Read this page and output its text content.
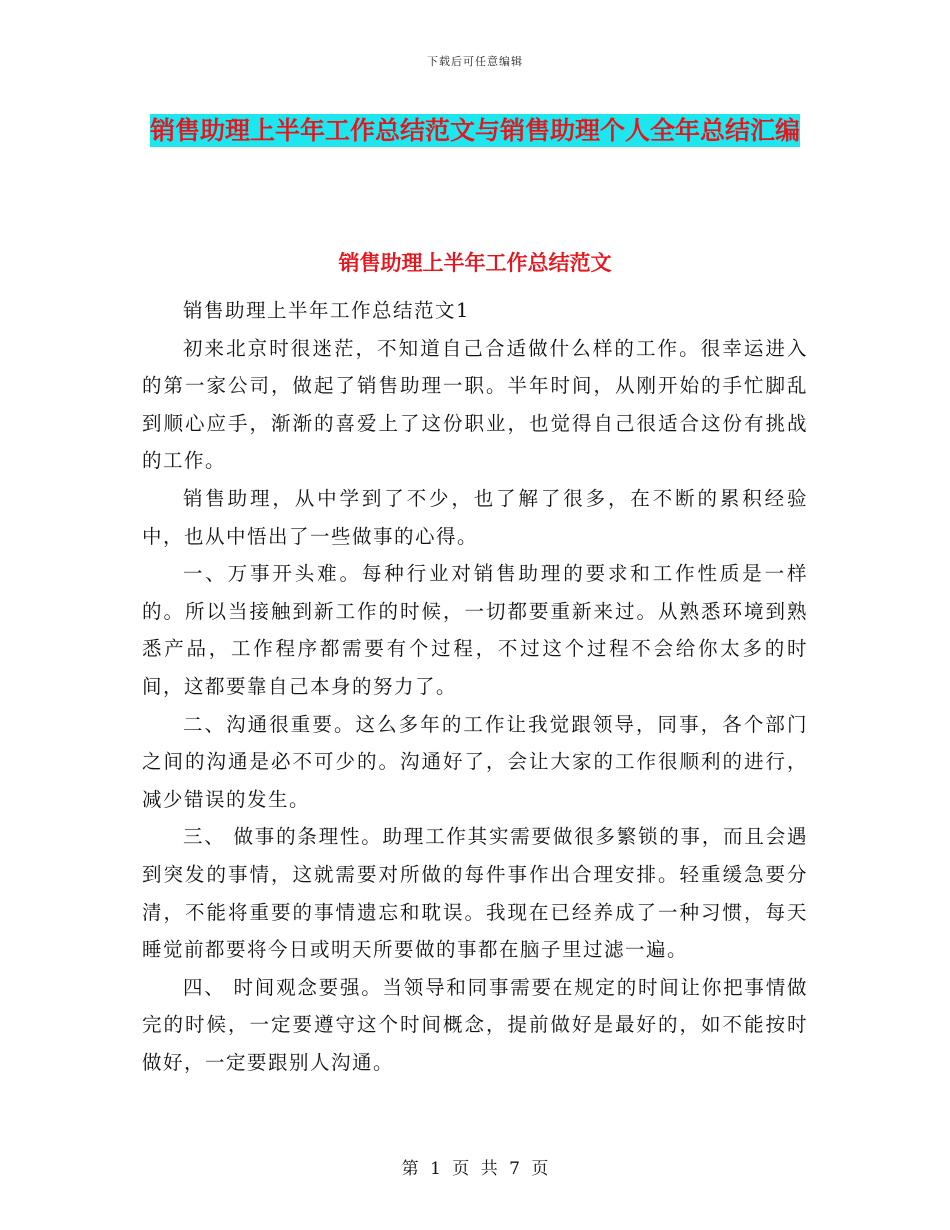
下载后可任意编辑
销售助理上半年工作总结范文与销售助理个人全年总结汇编
销售助理上半年工作总结范文

销售助理上半年工作总结范文1

初来北京时很迷茫，不知道自己合适做什么样的工作。很幸运进入的第一家公司，做起了销售助理一职。半年时间，从刚开始的手忙脚乱到顺心应手，渐渐的喜爱上了这份职业，也觉得自己很适合这份有挑战的工作。

销售助理，从中学到了不少，也了解了很多，在不断的累积经验中，也从中悟出了一些做事的心得。

一、万事开头难。每种行业对销售助理的要求和工作性质是一样的。所以当接触到新工作的时候，一切都要重新来过。从熟悉环境到熟悉产品，工作程序都需要有个过程，不过这个过程不会给你太多的时间，这都要靠自己本身的努力了。

二、沟通很重要。这么多年的工作让我觉跟领导，同事，各个部门之间的沟通是必不可少的。沟通好了，会让大家的工作很顺利的进行，减少错误的发生。

三、 做事的条理性。助理工作其实需要做很多繁锁的事，而且会遇到突发的事情，这就需要对所做的每件事作出合理安排。轻重缓急要分清，不能将重要的事情遗忘和耽误。我现在已经养成了一种习惯，每天睡觉前都要将今日或明天所要做的事都在脑子里过滤一遍。

四、 时间观念要强。当领导和同事需要在规定的时间让你把事情做完的时候，一定要遵守这个时间概念，提前做好是最好的，如不能按时做好，一定要跟别人沟通。

第 1 页 共 7 页
